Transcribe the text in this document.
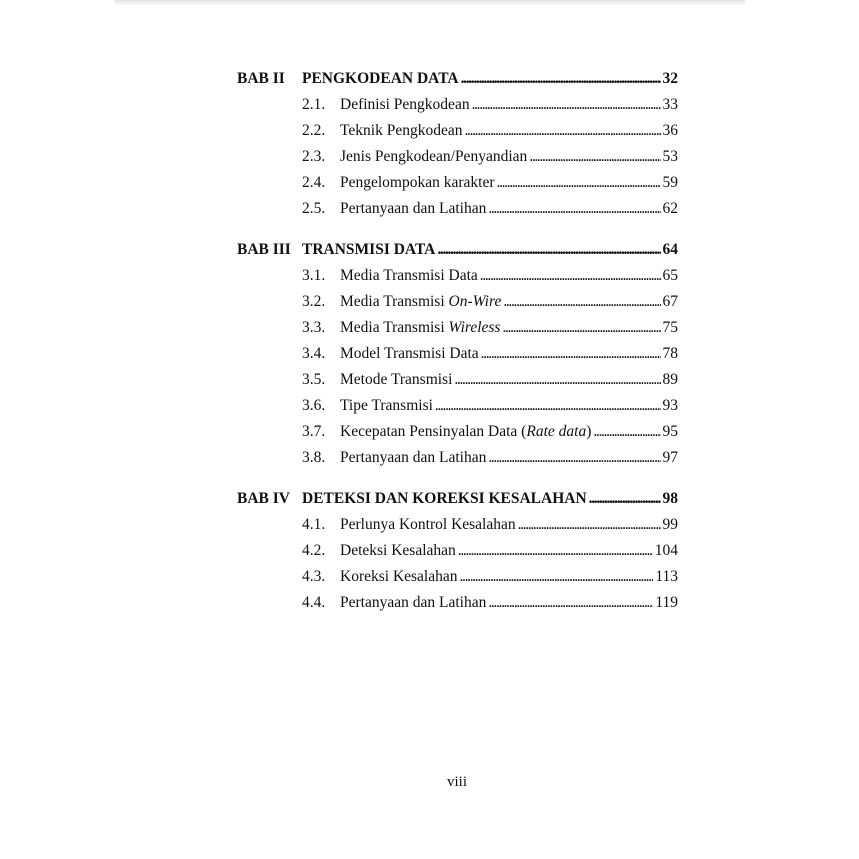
BAB II	PENGKODEAN DATA . . .	32
2.1. Definisi Pengkodean . . .	33
2.2. Teknik Pengkodean . . .	36
2.3. Jenis Pengkodean/Penyandian . . .	53
2.4. Pengelompokan karakter . . .	59
2.5. Pertanyaan dan Latihan . . .	62
BAB III TRANSMISI DATA . . .	64
3.1. Media Transmisi Data . . .	65
3.2. Media Transmisi On-Wire . . .	67
3.3. Media Transmisi Wireless . . .	75
3.4. Model Transmisi Data . . .	78
3.5. Metode Transmisi . . .	89
3.6. Tipe Transmisi . . .	93
3.7. Kecepatan Pensinyalan Data (Rate data) . . .	95
3.8. Pertanyaan dan Latihan . . .	97
BAB IV DETEKSI DAN KOREKSI KESALAHAN . . .	98
4.1. Perlunya Kontrol Kesalahan . . .	99
4.2. Deteksi Kesalahan . . .	104
4.3. Koreksi Kesalahan . . .	113
4.4. Pertanyaan dan Latihan . . .	119
viii
